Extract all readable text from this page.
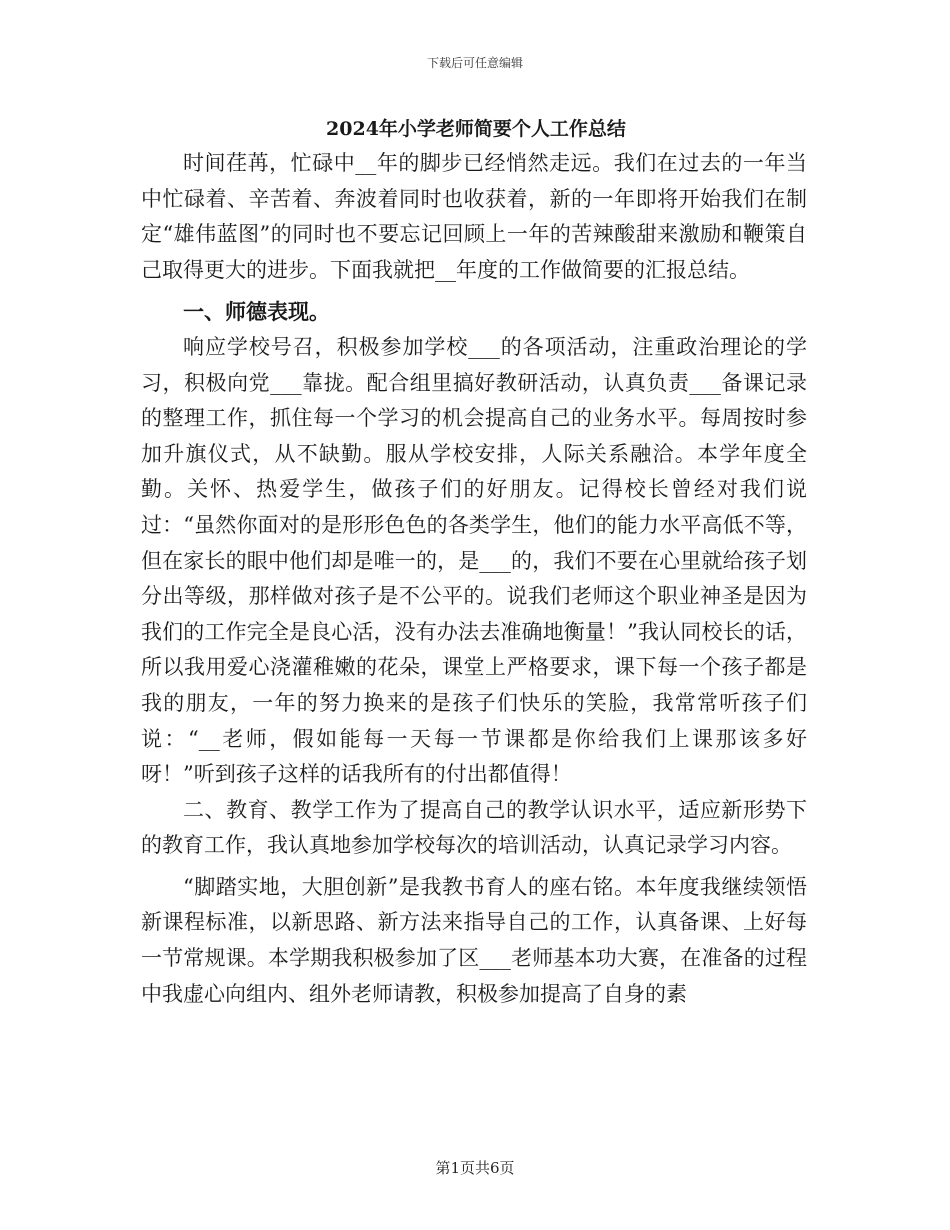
下载后可任意编辑
2024年小学老师简要个人工作总结

时间荏苒，忙碌中__年的脚步已经悄然走远。我们在过去的一年当中忙碌着、辛苦着、奔波着同时也收获着，新的一年即将开始我们在制定“雄伟蓝图”的同时也不要忘记回顾上一年的苦辣酸甜来激励和鞭策自己取得更大的进步。下面我就把__年度的工作做简要的汇报总结。

一、师德表现。

响应学校号召，积极参加学校___的各项活动，注重政治理论的学习，积极向党___靠拢。配合组里搞好教研活动，认真负责___备课记录的整理工作，抓住每一个学习的机会提高自己的业务水平。每周按时参加升旗仪式，从不缺勤。服从学校安排，人际关系融洽。本学年度全勤。关怀、热爱学生，做孩子们的好朋友。记得校长曾经对我们说过：“虽然你面对的是形形色色的各类学生，他们的能力水平高低不等，但在家长的眼中他们却是唯一的，是___的，我们不要在心里就给孩子划分出等级，那样做对孩子是不公平的。说我们老师这个职业神圣是因为我们的工作完全是良心活，没有办法去准确地衡量！”我认同校长的话，所以我用爱心浇灌稚嫩的花朵，课堂上严格要求，课下每一个孩子都是我的朋友，一年的努力换来的是孩子们快乐的笑脸，我常常听孩子们说：“__老师，假如能每一天每一节课都是你给我们上课那该多好呀！”听到孩子这样的话我所有的付出都值得！

二、教育、教学工作为了提高自己的教学认识水平，适应新形势下的教育工作，我认真地参加学校每次的培训活动，认真记录学习内容。

“脚踏实地，大胆创新”是我教书育人的座右铭。本年度我继续领悟新课程标准，以新思路、新方法来指导自己的工作，认真备课、上好每一节常规课。本学期我积极参加了区___老师基本功大赛，在准备的过程中我虚心向组内、组外老师请教，积极参加提高了自身的素

第1页共6页
